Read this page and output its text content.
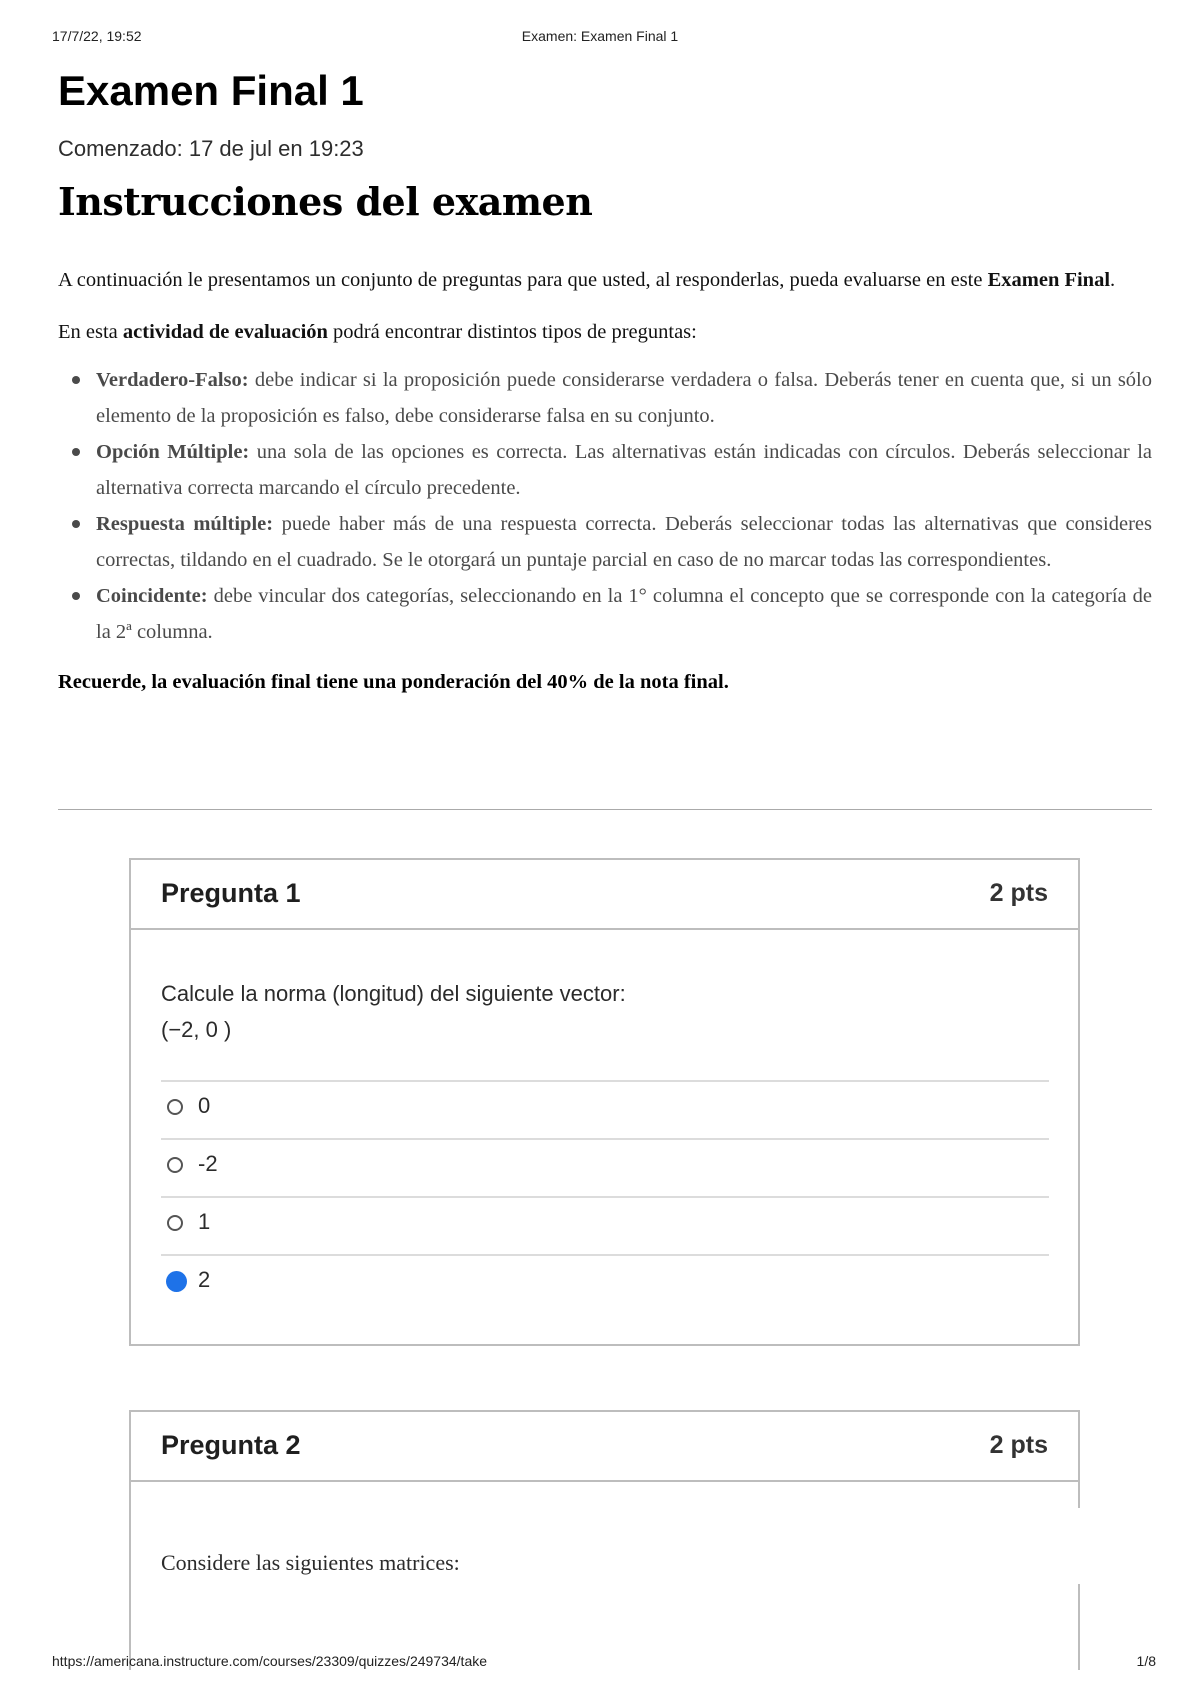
17/7/22, 19:52	Examen: Examen Final 1
Examen Final 1
Comenzado: 17 de jul en 19:23
Instrucciones del examen

A continuación le presentamos un conjunto de preguntas para que usted, al responderlas, pueda evaluarse en este Examen Final.

En esta actividad de evaluación podrá encontrar distintos tipos de preguntas:

Verdadero-Falso: debe indicar si la proposición puede considerarse verdadera o falsa. Deberás tener en cuenta que, si un sólo elemento de la proposición es falso, debe considerarse falsa en su conjunto.
Opción Múltiple: una sola de las opciones es correcta. Las alternativas están indicadas con círculos. Deberás seleccionar la alternativa correcta marcando el círculo precedente.
Respuesta múltiple: puede haber más de una respuesta correcta. Deberás seleccionar todas las alternativas que consideres correctas, tildando en el cuadrado. Se le otorgará un puntaje parcial en caso de no marcar todas las correspondientes.
Coincidente: debe vincular dos categorías, seleccionando en la 1° columna el concepto que se corresponde con la categoría de la 2ª columna.

Recuerde, la evaluación final tiene una ponderación del 40% de la nota final.

Pregunta 1	2 pts
Calcule la norma (longitud) del siguiente vector:
(−2, 0 )
0
-2
1
2
Pregunta 2	2 pts
Considere las siguientes matrices:
https://americana.instructure.com/courses/23309/quizzes/249734/take	1/8
